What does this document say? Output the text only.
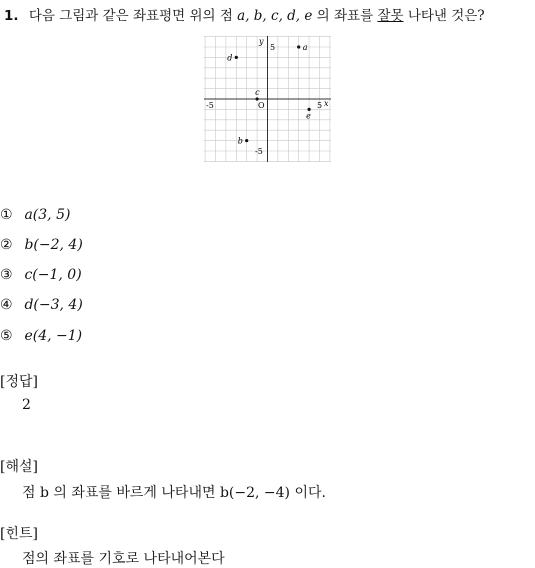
1. 다음 그림과 같은 좌표평면 위의 점 a, b, c, d, e 의 좌표를 잘못 나타낸 것은?
x
y
O
-5	5
5
-5
a
b
c
d
e
① a(3, 5)
② b(−2, 4)
③ c(−1, 0)
④ d(−3, 4)
⑤ e(4, −1)
[정답]
2
[해설]
점 b 의 좌표를 바르게 나타내면 b(−2, −4) 이다.
[힌트]
점의 좌표를 기호로 나타내어본다
